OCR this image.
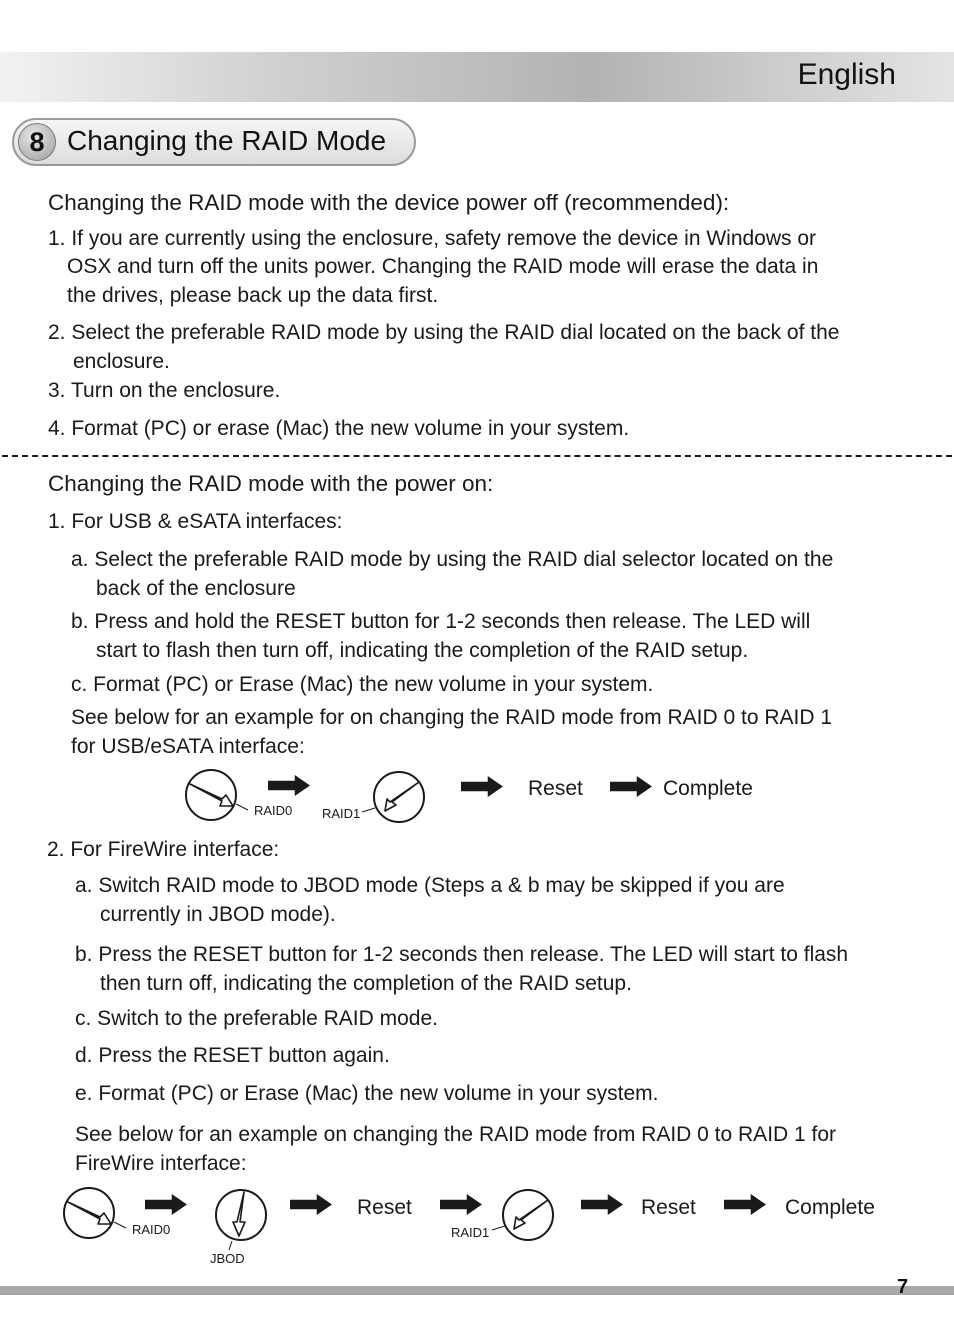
English
8 Changing the RAID Mode
Changing the RAID mode with the device power off (recommended):
1. If you are currently using the enclosure, safety remove the device in Windows or
OSX and turn off the units power. Changing the RAID mode will erase the data in
the drives, please back up the data first.
2. Select the preferable RAID mode by using the RAID dial located on the back of the
enclosure.
3. Turn on the enclosure.
4. Format (PC) or erase (Mac) the new volume in your system.
Changing the RAID mode with the power on:
1. For USB & eSATA interfaces:
a. Select the preferable RAID mode by using the RAID dial selector located on the
back of the enclosure
b. Press and hold the RESET button for 1-2 seconds then release. The LED will
start to flash then turn off, indicating the completion of the RAID setup.
c. Format (PC) or Erase (Mac) the new volume in your system.
See below for an example for on changing the RAID mode from RAID 0 to RAID 1
for USB/eSATA interface:
2. For FireWire interface:
a. Switch RAID mode to JBOD mode (Steps a & b may be skipped if you are
currently in JBOD mode).
b. Press the RESET button for 1-2 seconds then release. The LED will start to flash
then turn off, indicating the completion of the RAID setup.
c. Switch to the preferable RAID mode.
d. Press the RESET button again.
e. Format (PC) or Erase (Mac) the new volume in your system.
See below for an example on changing the RAID mode from RAID 0 to RAID 1 for
FireWire interface:
RAID0 RAID1
Reset	Complete
RAID0
JBOD
Reset
RAID1
Reset	Complete
7
